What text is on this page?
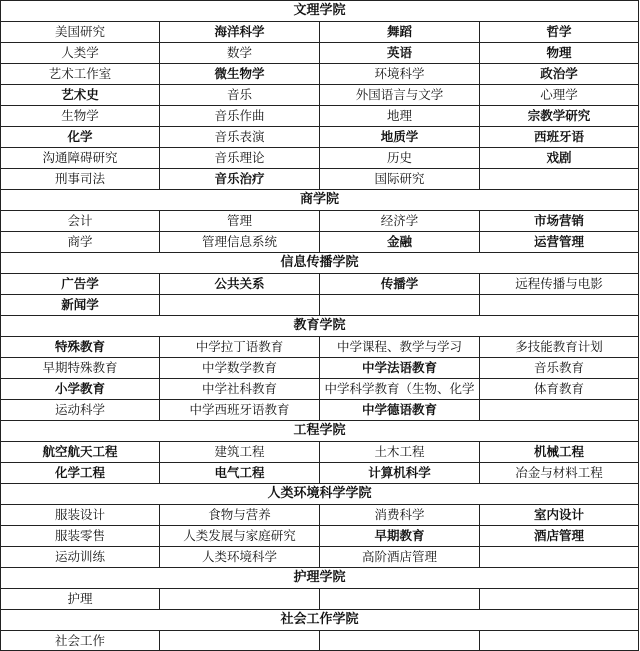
文理学院
美国研究	海洋科学	舞蹈	哲学
人类学	数学	英语	物理
艺术工作室	微生物学	环境科学	政治学
艺术史	音乐	外国语言与文学	心理学
生物学	音乐作曲	地理	宗教学研究
化学	音乐表演	地质学	西班牙语
沟通障碍研究	音乐理论	历史	戏剧
刑事司法	音乐治疗	国际研究
商学院
会计	管理	经济学	市场营销
商学	管理信息系统	金融	运营管理
信息传播学院
广告学	公共关系	传播学	远程传播与电影
新闻学
教育学院
特殊教育	中学拉丁语教育	中学课程、教学与学习	多技能教育计划
早期特殊教育	中学数学教育	中学法语教育	音乐教育
小学教育	中学社科教育	中学科学教育（生物、化学	体育教育
运动科学	中学西班牙语教育	中学德语教育
工程学院
航空航天工程	建筑工程	土木工程	机械工程
化学工程	电气工程	计算机科学	冶金与材料工程
人类环境科学学院
服装设计	食物与营养	消费科学	室内设计
服装零售	人类发展与家庭研究	早期教育	酒店管理
运动训练	人类环境科学	高阶酒店管理
护理学院
护理
社会工作学院
社会工作
